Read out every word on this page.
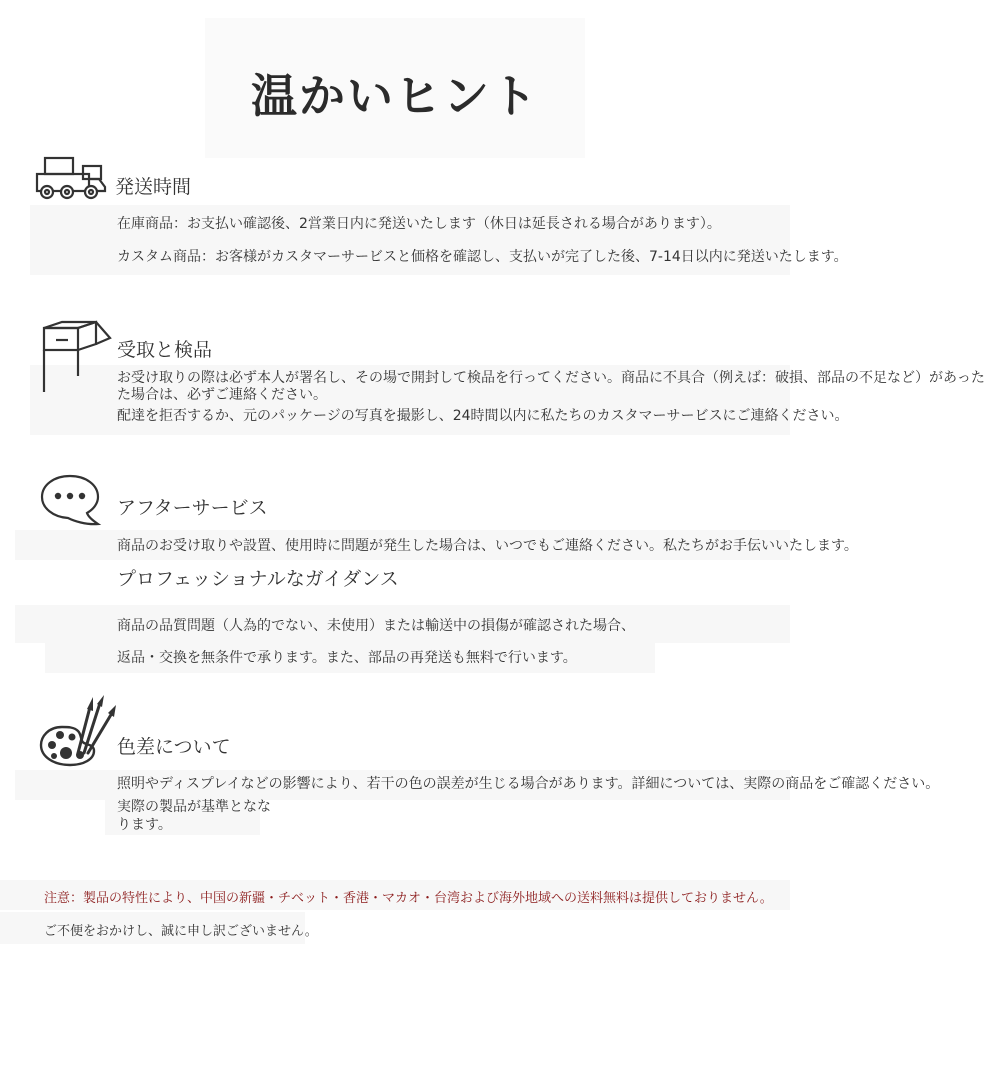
温かいヒント
発送時間
在庫商品：お支払い確認後、2営業日内に発送いたします（休日は延長される場合があります）。
カスタム商品：お客様がカスタマーサービスと価格を確認し、支払いが完了した後、7-14日以内に発送いたします。
受取と検品
お受け取りの際は必ず本人が署名し、その場で開封して検品を行ってください。商品に不具合（例えば：破損、部品の不足など）があった
た場合は、必ずご連絡ください。
配達を拒否するか、元のパッケージの写真を撮影し、24時間以内に私たちのカスタマーサービスにご連絡ください。
アフターサービス
商品のお受け取りや設置、使用時に問題が発生した場合は、いつでもご連絡ください。私たちがお手伝いいたします。
プロフェッショナルなガイダンス
商品の品質問題（人為的でない、未使用）または輸送中の損傷が確認された場合、
返品・交換を無条件で承ります。また、部品の再発送も無料で行います。
色差について
照明やディスプレイなどの影響により、若干の色の誤差が生じる場合があります。詳細については、実際の商品をご確認ください。
実際の製品が基準となな
ります。
注意：製品の特性により、中国の新疆・チベット・香港・マカオ・台湾および海外地域への送料無料は提供しておりません。
ご不便をおかけし、誠に申し訳ございません。
